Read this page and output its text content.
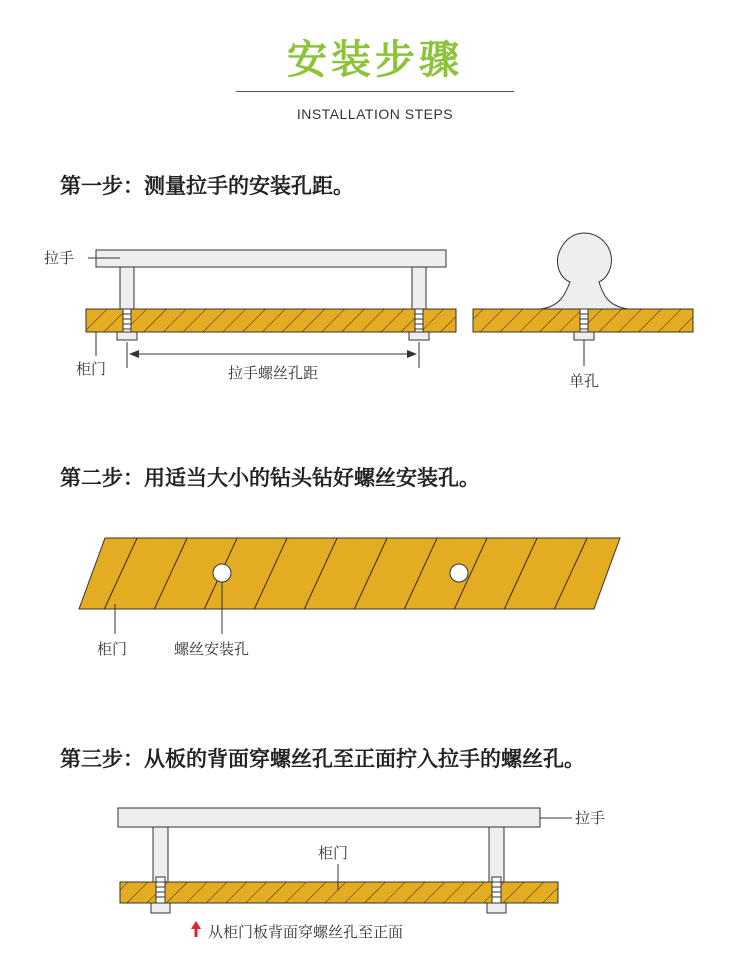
安装步骤
INSTALLATION STEPS
第一步：测量拉手的安装孔距。
第二步：用适当大小的钻头钻好螺丝安装孔。
第三步：从板的背面穿螺丝孔至正面拧入拉手的螺丝孔。
拉手
柜门	拉手螺丝孔距	单孔
柜门	螺丝安装孔
拉手
柜门
从柜门板背面穿螺丝孔至正面
